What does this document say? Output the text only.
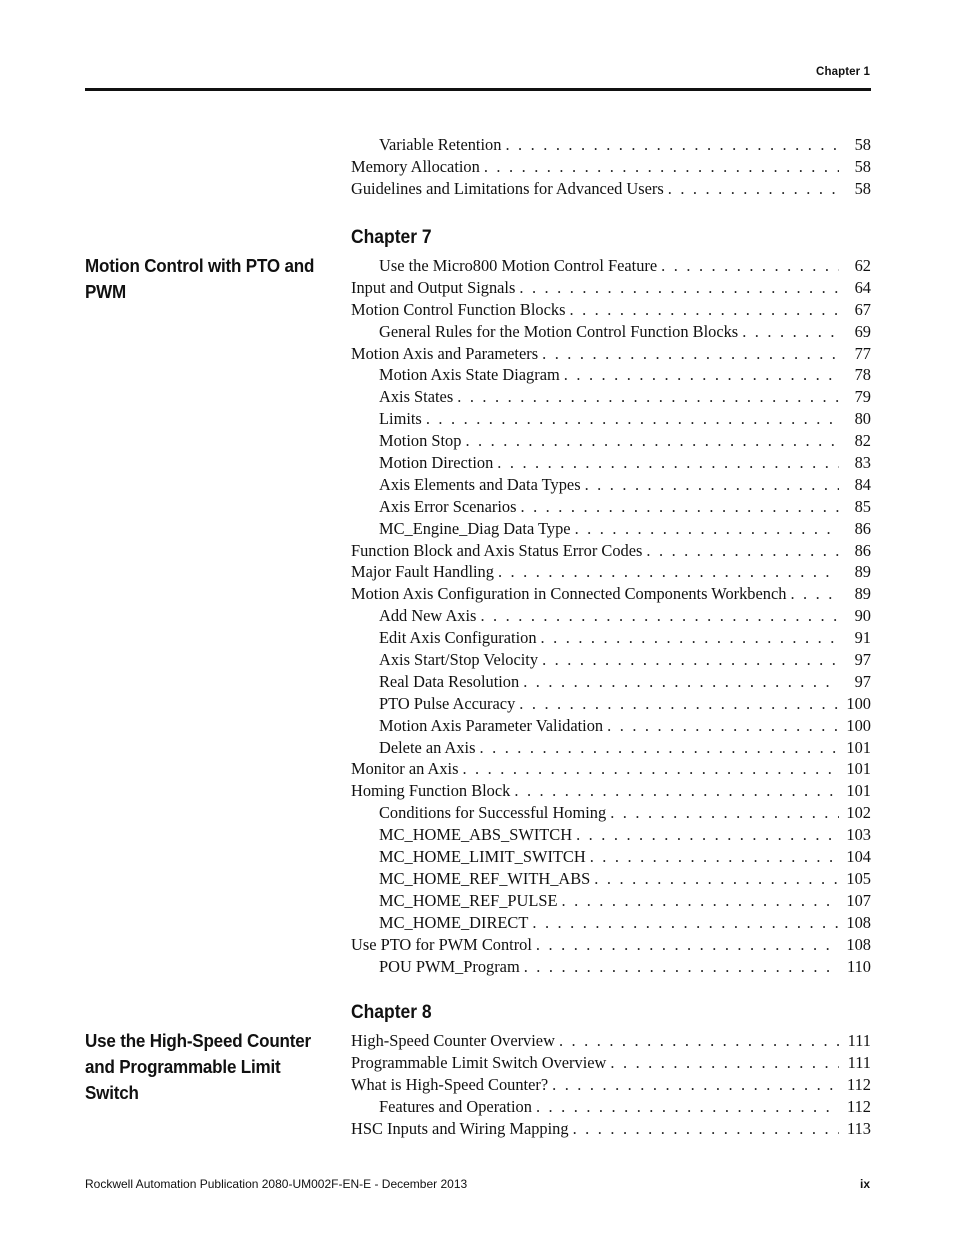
Chapter 1
Variable Retention . . .	58
Memory Allocation . . .	58
Guidelines and Limitations for Advanced Users . . .	58
Chapter 7
Motion Control with PTO and PWM
Use the Micro800 Motion Control Feature . . .	62
Input and Output Signals . . .	64
Motion Control Function Blocks . . .	67
General Rules for the Motion Control Function Blocks . . .	69
Motion Axis and Parameters . . .	77
Motion Axis State Diagram . . .	78
Axis States . . .	79
Limits . . .	80
Motion Stop . . .	82
Motion Direction . . .	83
Axis Elements and Data Types . . .	84
Axis Error Scenarios . . .	85
MC_Engine_Diag Data Type . . .	86
Function Block and Axis Status Error Codes . . .	86
Major Fault Handling . . .	89
Motion Axis Configuration in Connected Components Workbench . . .	89
Add New Axis . . .	90
Edit Axis Configuration . . .	91
Axis Start/Stop Velocity . . .	97
Real Data Resolution . . .	97
PTO Pulse Accuracy . . .	100
Motion Axis Parameter Validation . . .	100
Delete an Axis . . .	101
Monitor an Axis . . .	101
Homing Function Block . . .	101
Conditions for Successful Homing . . .	102
MC_HOME_ABS_SWITCH . . .	103
MC_HOME_LIMIT_SWITCH . . .	104
MC_HOME_REF_WITH_ABS . . .	105
MC_HOME_REF_PULSE . . .	107
MC_HOME_DIRECT . . .	108
Use PTO for PWM Control . . .	108
POU PWM_Program . . .	110
Chapter 8
Use the High-Speed Counter and Programmable Limit Switch
High-Speed Counter Overview . . .	111
Programmable Limit Switch Overview . . .	111
What is High-Speed Counter? . . .	112
Features and Operation . . .	112
HSC Inputs and Wiring Mapping . . .	113
Rockwell Automation Publication 2080-UM002F-EN-E - December 2013	ix
